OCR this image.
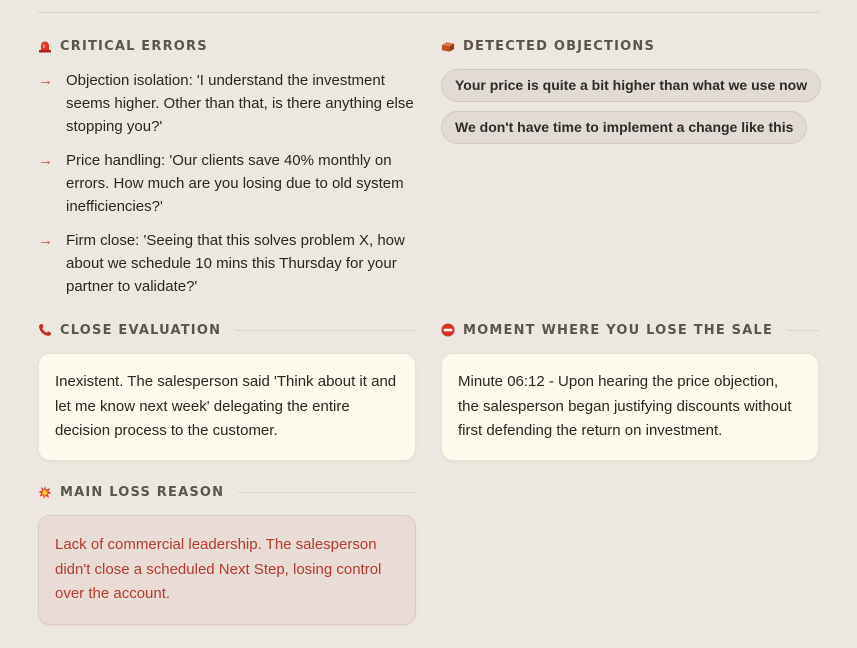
CRITICAL ERRORS
→ Objection isolation: 'I understand the investment seems higher. Other than that, is there anything else stopping you?'
→ Price handling: 'Our clients save 40% monthly on errors. How much are you losing due to old system inefficiencies?'
→ Firm close: 'Seeing that this solves problem X, how about we schedule 10 mins this Thursday for your partner to validate?'
DETECTED OBJECTIONS
Your price is quite a bit higher than what we use now
We don't have time to implement a change like this
CLOSE EVALUATION
Inexistent. The salesperson said 'Think about it and let me know next week' delegating the entire decision process to the customer.
MOMENT WHERE YOU LOSE THE SALE
Minute 06:12 - Upon hearing the price objection, the salesperson began justifying discounts without first defending the return on investment.
MAIN LOSS REASON
Lack of commercial leadership. The salesperson didn't close a scheduled Next Step, losing control over the account.
